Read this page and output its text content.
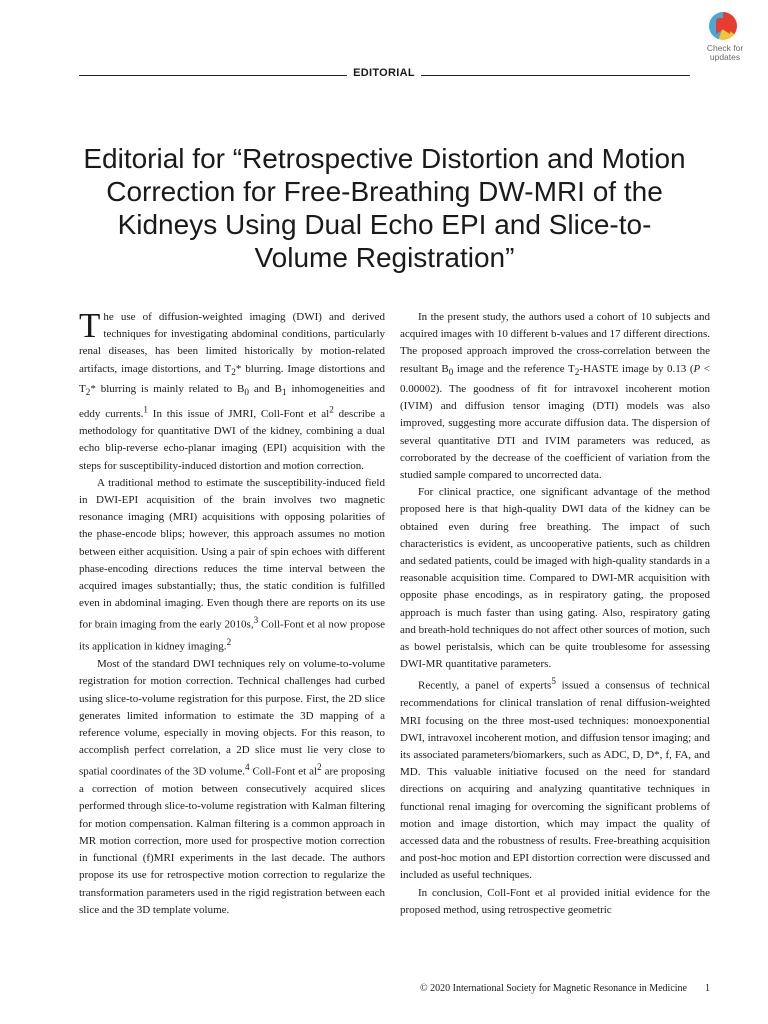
Check for
updates
EDITORIAL
Editorial for “Retrospective Distortion and Motion Correction for Free-Breathing DW-MRI of the Kidneys Using Dual Echo EPI and Slice-to-Volume Registration”

The use of diffusion-weighted imaging (DWI) and derived techniques for investigating abdominal conditions, particularly renal diseases, has been limited historically by motion-related artifacts, image distortions, and $T_2*$ blurring. Image distortions and $T_2*$ blurring is mainly related to $B_0$ and $B_1$ inhomogeneities and eddy currents.$^1$ In this issue of JMRI, Coll-Font et $al^2$ describe a methodology for quantitative DWI of the kidney, combining a dual echo blip-reverse echo-planar imaging (EPI) acquisition with the steps for susceptibility-induced distortion and motion correction.

A traditional method to estimate the susceptibility-induced field in DWI-EPI acquisition of the brain involves two magnetic resonance imaging (MRI) acquisitions with opposing polarities of the phase-encode blips; however, this approach assumes no motion between either acquisition. Using a pair of spin echoes with different phase-encoding directions reduces the time interval between the acquired images substantially; thus, the static condition is fulfilled even in abdominal imaging. Even though there are reports on its use for brain imaging from the early 2010s,$^3$ Coll-Font et al now propose its application in kidney imaging.$^2$

Most of the standard DWI techniques rely on volume-to-volume registration for motion correction. Technical challenges had curbed using slice-to-volume registration for this purpose. First, the 2D slice generates limited information to estimate the 3D mapping of a reference volume, especially in moving objects. For this reason, to accomplish perfect correlation, a 2D slice must lie very close to spatial coordinates of the 3D volume.$^4$ Coll-Font et $al^2$ are proposing a correction of motion between consecutively acquired slices performed through slice-to-volume registration with Kalman filtering for motion compensation. Kalman filtering is a common approach in MR motion correction, more used for prospective motion correction in functional (f)MRI experiments in the last decade. The authors propose its use for retrospective motion correction to regularize the transformation parameters used in the rigid registration between each slice and the 3D template volume.

In the present study, the authors used a cohort of 10 subjects and acquired images with 10 different b-values and 17 different directions. The proposed approach improved the cross-correlation between the resultant $B_0$ image and the reference $T_2$-HASTE image by 0.13 (P < 0.00002). The goodness of fit for intravoxel incoherent motion (IVIM) and diffusion tensor imaging (DTI) models was also improved, suggesting more accurate diffusion data. The dispersion of several quantitative DTI and IVIM parameters was reduced, as corroborated by the decrease of the coefficient of variation from the studied sample compared to uncorrected data.

For clinical practice, one significant advantage of the method proposed here is that high-quality DWI data of the kidney can be obtained even during free breathing. The impact of such characteristics is evident, as uncooperative patients, such as children and sedated patients, could be imaged with high-quality standards in a reasonable acquisition time. Compared to DWI-MR acquisition with opposite phase encodings, as in respiratory gating, the proposed approach is much faster than using gating. Also, respiratory gating and breath-hold techniques do not affect other sources of motion, such as bowel peristalsis, which can be quite troublesome for assessing DWI-MR quantitative parameters.

Recently, a panel of experts$^5$ issued a consensus of technical recommendations for clinical translation of renal diffusion-weighted MRI focusing on the three most-used techniques: monoexponential DWI, intravoxel incoherent motion, and diffusion tensor imaging; and its associated parameters/biomarkers, such as ADC, D, D*, f, FA, and MD. This valuable initiative focused on the need for standard directions on acquiring and analyzing quantitative techniques in functional renal imaging for overcoming the significant problems of motion and image distortion, which may impact the quality of accessed data and the robustness of results. Free-breathing acquisition and post-hoc motion and EPI distortion correction were discussed and included as useful techniques.

In conclusion, Coll-Font et al provided initial evidence for the proposed method, using retrospective geometric

© 2020 International Society for Magnetic Resonance in Medicine 1
